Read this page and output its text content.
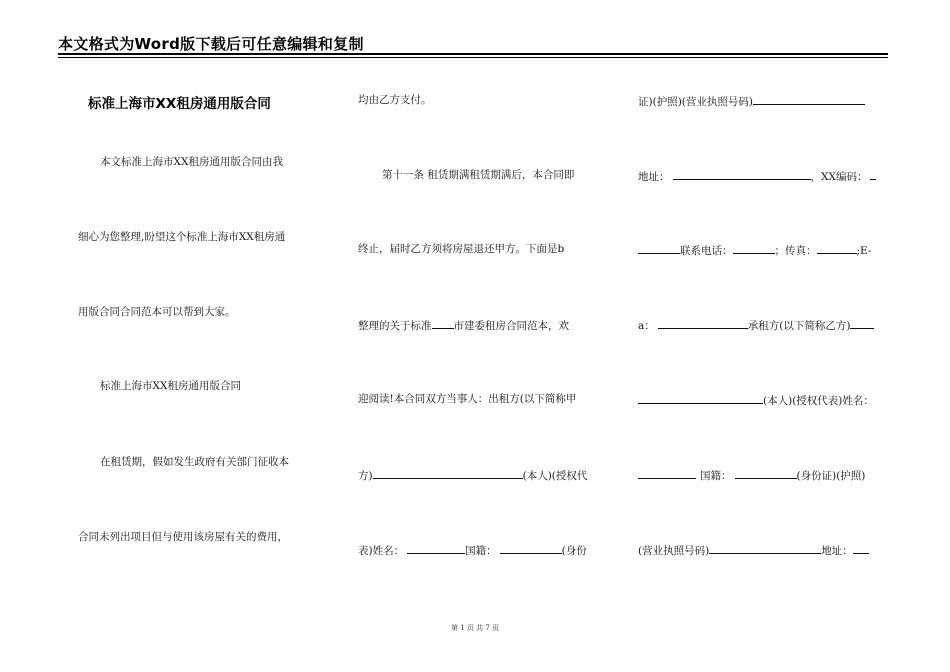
本文格式为Word版下载后可任意编辑和复制
标准上海市XX租房通用版合同
本文标准上海市XX租房通用版合同由我
细心为您整理,盼望这个标准上海市XX租房通
用版合同合同范本可以帮到大家。
标准上海市XX租房通用版合同
在租赁期，假如发生政府有关部门征收本
合同未列出项目但与使用该房屋有关的费用，
均由乙方支付。
第十一条 租赁期满租赁期满后，本合同即
终止，届时乙方须将房屋退还甲方。下面是b
整理的关于标准 市建委租房合同范本，欢
迎阅读!本合同双方当事人：出租方(以下简称甲
方)	(本人)(授权代
表)姓名：	国籍：	(身份
证)(护照)(营业执照号码)
地址：	，XX编码：
联系电话：	；传真：	;E-
a：	承租方(以下简称乙方)
(本人)(授权代表)姓名：
国籍：	(身份证)(护照)
(营业执照号码)	地址：
第 1 页 共 7 页
